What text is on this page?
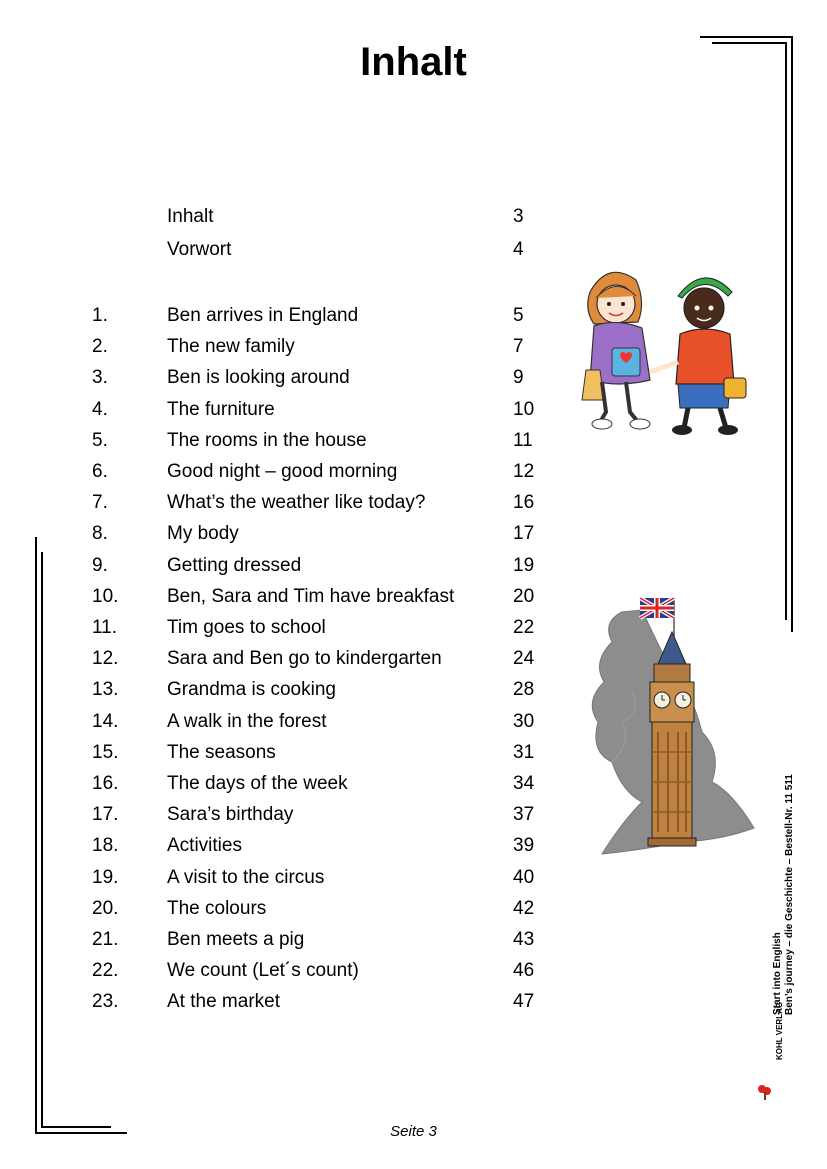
Inhalt
Inhalt	3
Vorwort	4
1.	Ben arrives in England	5
2.	The new family	7
3.	Ben is looking around	9
4.	The furniture	10
5.	The rooms in the house	11
6.	Good night – good morning	12
7.	What’s the weather like today?	16
8.	My body	17
9.	Getting dressed	19
10.	Ben, Sara and Tim have breakfast	20
11.	Tim goes to school	22
12.	Sara and Ben go to kindergarten	24
13.	Grandma is cooking	28
14.	A walk in the forest	30
15.	The seasons	31
16.	The days of the week	34
17.	Sara’s birthday	37
18.	Activities	39
19.	A visit to the circus	40
20.	The colours	42
21.	Ben meets a pig	43
22.	We count (Let´s count)	46
23.	At the market	47	Start into English Ben’s journey – die Geschichte – Bestell-Nr. 11 511
KOHL VERLAG
Seite 3
